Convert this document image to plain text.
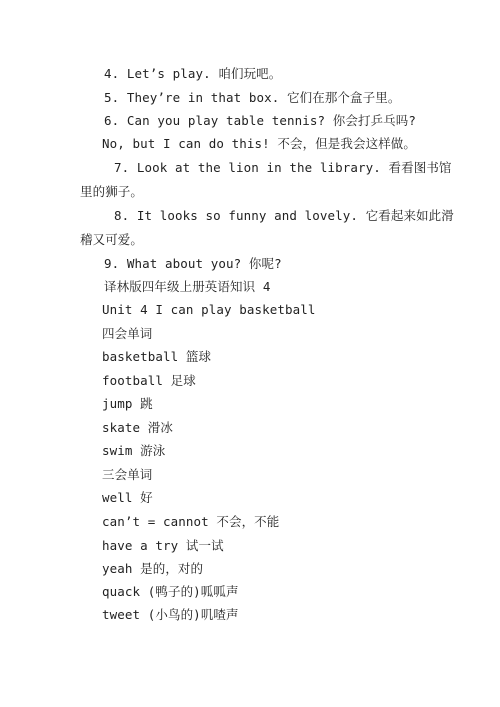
4. Let’s play. 咱们玩吧。
5. They’re in that box. 它们在那个盒子里。
6. Can you play table tennis? 你会打乒乓吗?
No, but I can do this! 不会，但是我会这样做。
7. Look at the lion in the library. 看看图书馆
里的狮子。
8. It looks so funny and lovely. 它看起来如此滑
稽又可爱。
9. What about you? 你呢?
译林版四年级上册英语知识 4
Unit 4 I can play basketball
四会单词
basketball 篮球
football 足球
jump 跳
skate 滑冰
swim 游泳
三会单词
well 好
can’t = cannot 不会，不能
have a try 试一试
yeah 是的，对的
quack (鸭子的)呱呱声
tweet (小鸟的)叽喳声
